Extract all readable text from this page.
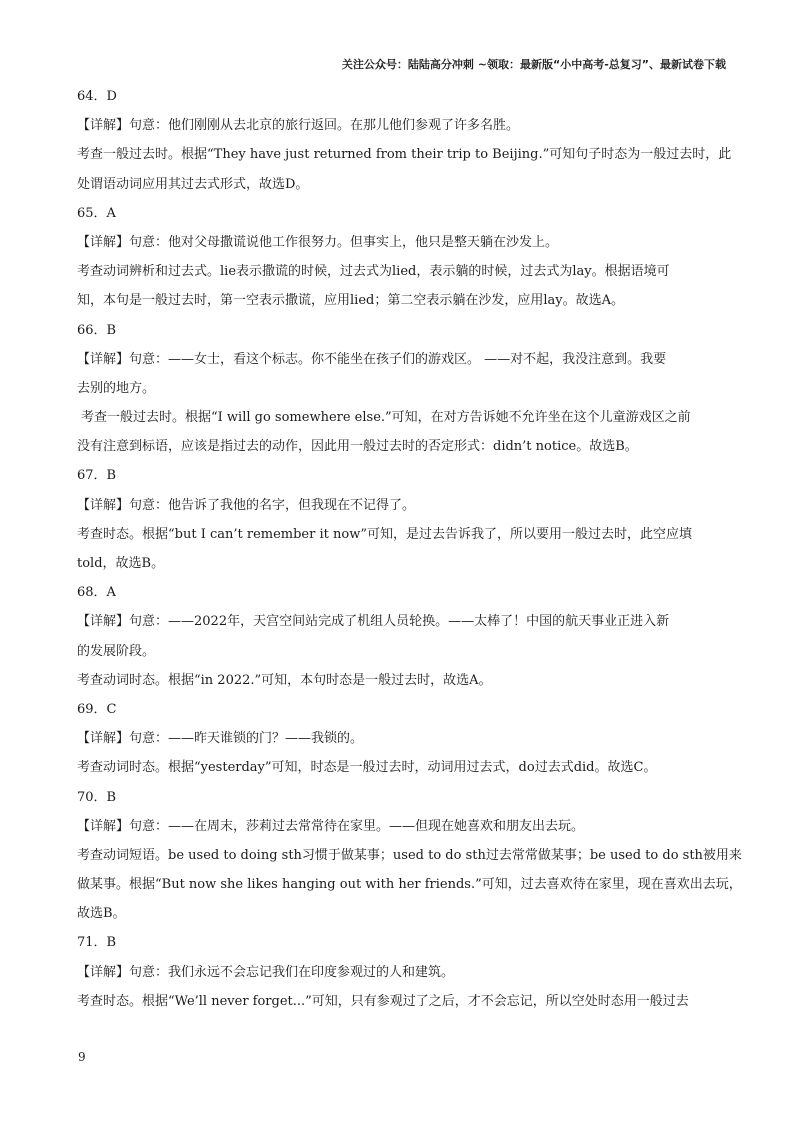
关注公众号：陆陆高分冲刺 ~领取：最新版“小中高考-总复习”、最新试卷下载
64．D
【详解】句意：他们刚刚从去北京的旅行返回。在那儿他们参观了许多名胜。
考查一般过去时。根据“They have just returned from their trip to Beijing.”可知句子时态为一般过去时，此
处谓语动词应用其过去式形式，故选D。
65．A
【详解】句意：他对父母撒谎说他工作很努力。但事实上，他只是整天躺在沙发上。
考查动词辨析和过去式。lie表示撒谎的时候，过去式为lied，表示躺的时候，过去式为lay。根据语境可
知，本句是一般过去时，第一空表示撒谎，应用lied；第二空表示躺在沙发，应用lay。故选A。
66．B
【详解】句意：——女士，看这个标志。你不能坐在孩子们的游戏区。 ——对不起，我没注意到。我要
去别的地方。
考查一般过去时。根据“I will go somewhere else.”可知，在对方告诉她不允许坐在这个儿童游戏区之前
没有注意到标语，应该是指过去的动作，因此用一般过去时的否定形式：didn’t notice。故选B。
67．B
【详解】句意：他告诉了我他的名字，但我现在不记得了。
考查时态。根据“but I can’t remember it now”可知，是过去告诉我了，所以要用一般过去时，此空应填
told，故选B。
68．A
【详解】句意：——2022年，天宫空间站完成了机组人员轮换。——太棒了！中国的航天事业正进入新
的发展阶段。
考查动词时态。根据“in 2022.”可知，本句时态是一般过去时，故选A。
69．C
【详解】句意：——昨天谁锁的门？——我锁的。
考查动词时态。根据“yesterday”可知，时态是一般过去时，动词用过去式，do过去式did。故选C。
70．B
【详解】句意：——在周末，莎莉过去常常待在家里。——但现在她喜欢和朋友出去玩。
考查动词短语。be used to doing sth习惯于做某事；used to do sth过去常常做某事；be used to do sth被用来
做某事。根据“But now she likes hanging out with her friends.”可知，过去喜欢待在家里，现在喜欢出去玩，
故选B。
71．B
【详解】句意：我们永远不会忘记我们在印度参观过的人和建筑。
考查时态。根据“We’ll never forget...”可知，只有参观过了之后，才不会忘记，所以空处时态用一般过去
9
